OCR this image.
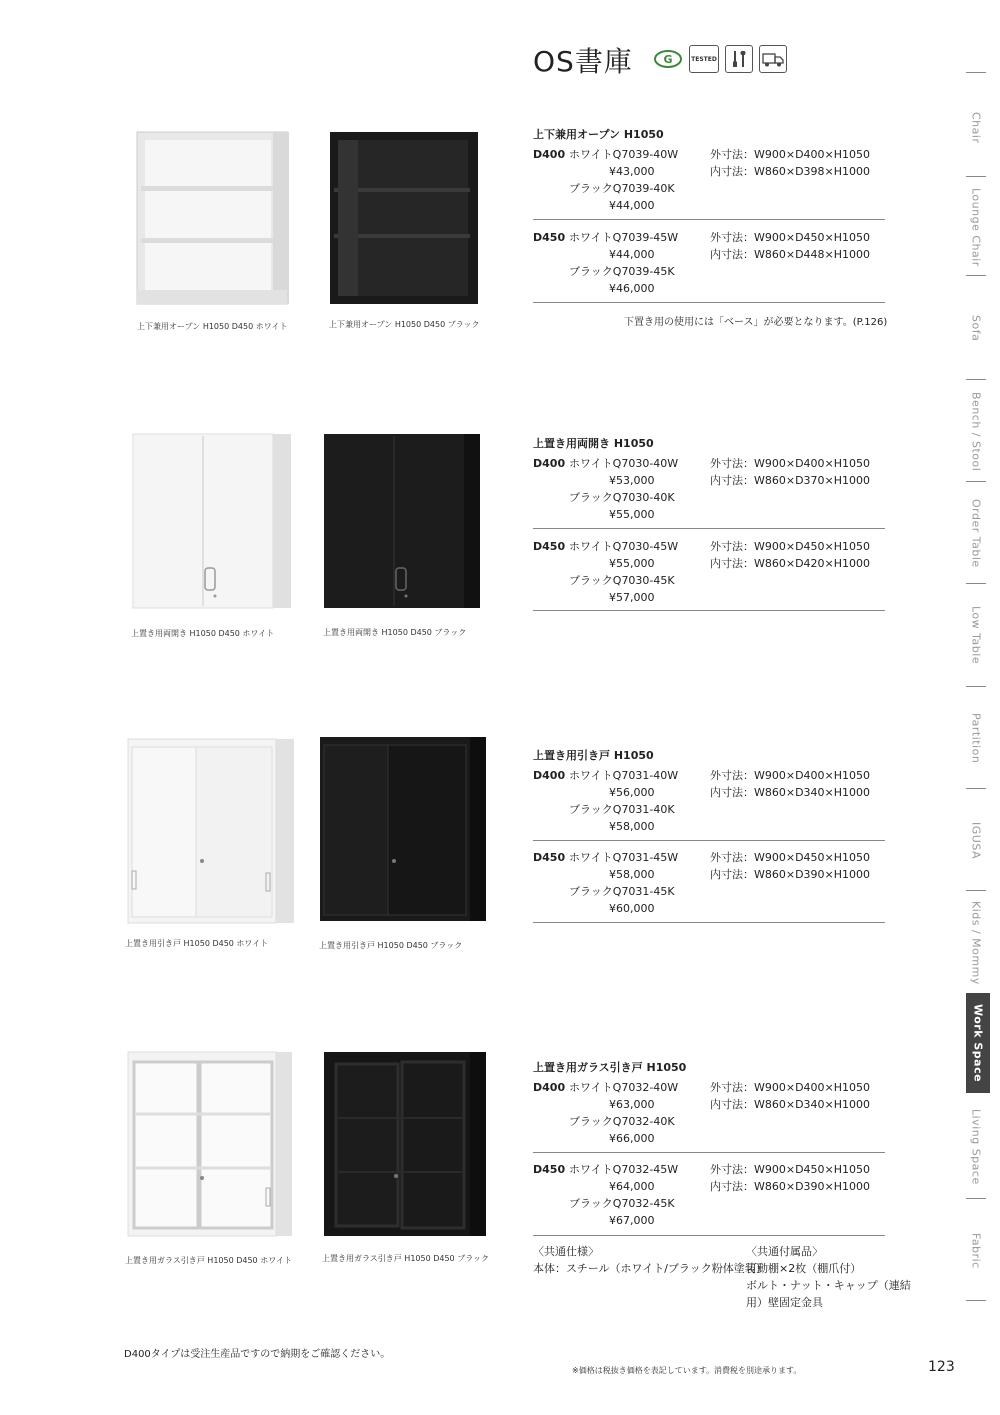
OS書庫	G	TESTED
上下兼用オープン H1050 D450 ホワイト	上下兼用オープン H1050 D450 ブラック
上下兼用オープン H1050
D400 ホワイトQ7039-40W	外寸法：W900×D400×H1050
¥43,000	内寸法：W860×D398×H1000
ブラックQ7039-40K
¥44,000
D450 ホワイトQ7039-45W	外寸法：W900×D450×H1050
¥44,000	内寸法：W860×D448×H1000
ブラックQ7039-45K
¥46,000
下置き用の使用には「ベース」が必要となります。(P.126)
上置き用両開き H1050 D450 ホワイト	上置き用両開き H1050 D450 ブラック
上置き用両開き H1050
D400 ホワイトQ7030-40W	外寸法：W900×D400×H1050
¥53,000	内寸法：W860×D370×H1000
ブラックQ7030-40K
¥55,000
D450 ホワイトQ7030-45W	外寸法：W900×D450×H1050
¥55,000	内寸法：W860×D420×H1000
ブラックQ7030-45K
¥57,000
上置き用引き戸 H1050 D450 ホワイト	上置き用引き戸 H1050 D450 ブラック
上置き用引き戸 H1050
D400 ホワイトQ7031-40W	外寸法：W900×D400×H1050
¥56,000	内寸法：W860×D340×H1000
ブラックQ7031-40K
¥58,000
D450 ホワイトQ7031-45W	外寸法：W900×D450×H1050
¥58,000	内寸法：W860×D390×H1000
ブラックQ7031-45K
¥60,000
上置き用ガラス引き戸 H1050 D450 ホワイト	上置き用ガラス引き戸 H1050 D450 ブラック
上置き用ガラス引き戸 H1050
D400 ホワイトQ7032-40W	外寸法：W900×D400×H1050
¥63,000	内寸法：W860×D340×H1000
ブラックQ7032-40K
¥66,000
D450 ホワイトQ7032-45W	外寸法：W900×D450×H1050
¥64,000	内寸法：W860×D390×H1000
ブラックQ7032-45K
¥67,000
〈共通仕様〉
本体：スチール（ホワイト/ブラック粉体塗装）
〈共通付属品〉
可動棚×2枚（棚爪付）
ボルト・ナット・キャップ（連結
用）壁固定金具
D400タイプは受注生産品ですので納期をご確認ください。
※価格は税抜き価格を表記しています。消費税を別途承ります。	123
Chair
Lounge Chair
Sofa
Bench / Stool
Order Table
Low Table
Partition
IGUSA
Kids / Mommy
Work Space
Living Space
Fabric
